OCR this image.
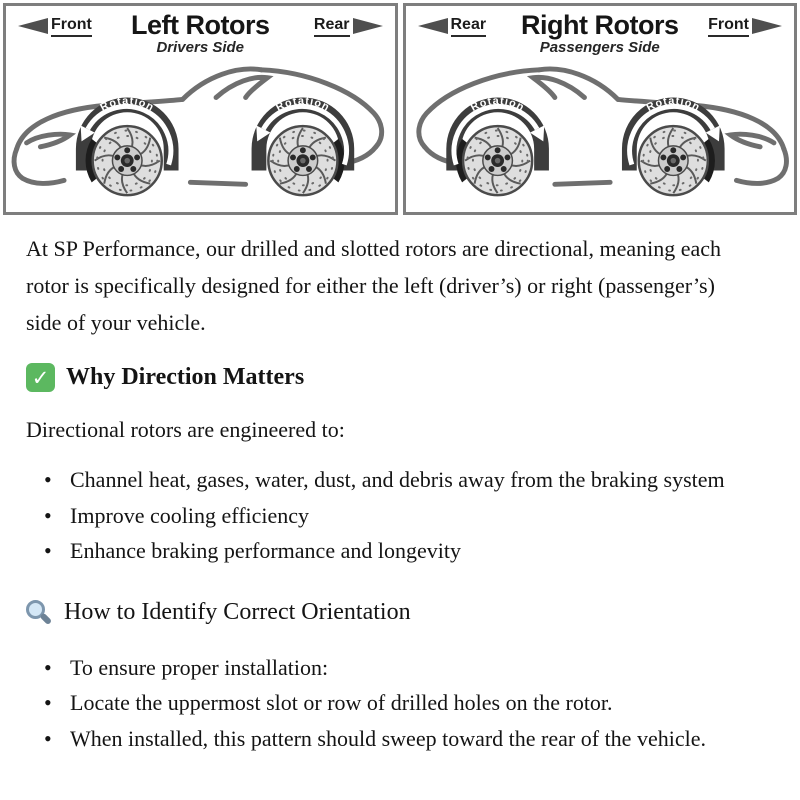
Front	Left Rotors
Drivers Side
Rear
Rotation	Rotation
Rear	Right Rotors
Passengers Side
Front
Rotation	Rotation

At SP Performance, our drilled and slotted rotors are directional, meaning each rotor is specifically designed for either the left (driver’s) or right (passenger’s) side of your vehicle.

✓ Why Direction Matters

Directional rotors are engineered to:

• Channel heat, gases, water, dust, and debris away from the braking system
• Improve cooling efficiency
• Enhance braking performance and longevity
How to Identify Correct Orientation
• To ensure proper installation:
• Locate the uppermost slot or row of drilled holes on the rotor.
• When installed, this pattern should sweep toward the rear of the vehicle.
